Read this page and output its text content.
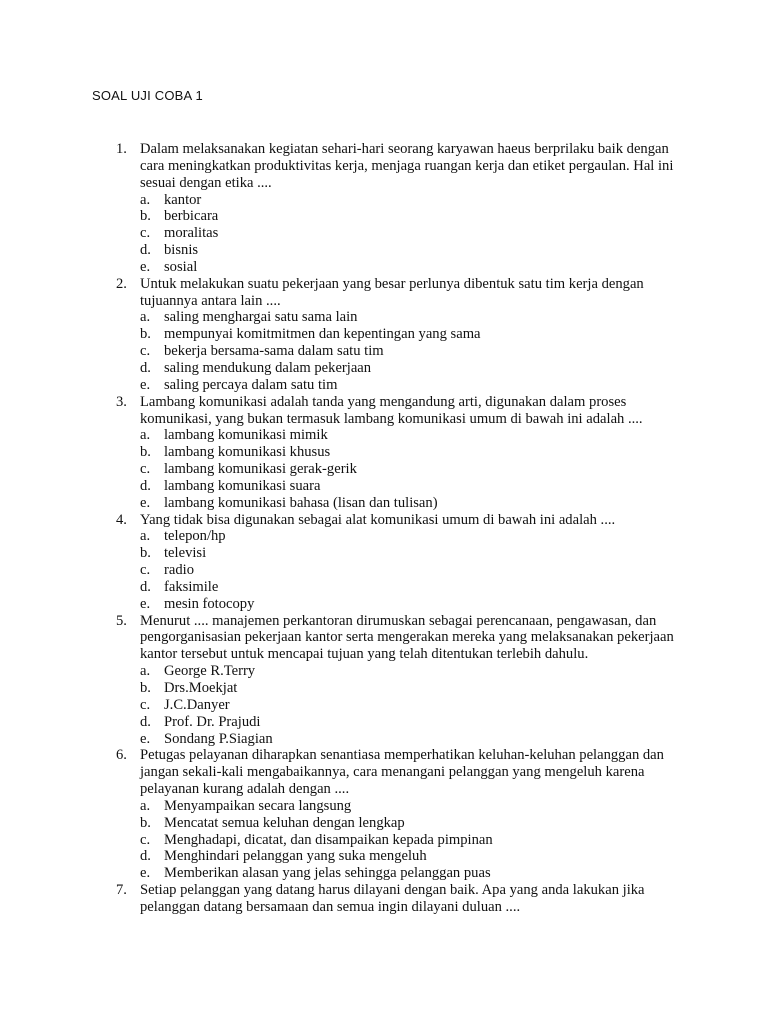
SOAL UJI COBA 1
1. Dalam melaksanakan kegiatan sehari-hari seorang karyawan haeus berprilaku baik dengan cara meningkatkan produktivitas kerja, menjaga ruangan kerja dan etiket pergaulan. Hal ini sesuai dengan etika ....
a. kantor
b. berbicara
c. moralitas
d. bisnis
e. sosial
2. Untuk melakukan suatu pekerjaan yang besar perlunya dibentuk satu tim kerja dengan tujuannya antara lain ....
a. saling menghargai satu sama lain
b. mempunyai komitmitmen dan kepentingan yang sama
c. bekerja bersama-sama dalam satu tim
d. saling mendukung dalam pekerjaan
e. saling percaya dalam satu tim
3. Lambang komunikasi adalah tanda yang mengandung arti, digunakan dalam proses komunikasi, yang bukan termasuk lambang komunikasi umum di bawah ini adalah ....
a. lambang komunikasi mimik
b. lambang komunikasi khusus
c. lambang komunikasi gerak-gerik
d. lambang komunikasi suara
e. lambang komunikasi bahasa (lisan dan tulisan)
4. Yang tidak bisa digunakan sebagai alat komunikasi umum di bawah ini adalah ....
a. telepon/hp
b. televisi
c. radio
d. faksimile
e. mesin fotocopy
5. Menurut .... manajemen perkantoran dirumuskan sebagai perencanaan, pengawasan, dan pengorganisasian pekerjaan kantor serta mengerakan mereka yang melaksanakan pekerjaan kantor tersebut untuk mencapai tujuan yang telah ditentukan terlebih dahulu.
a. George R.Terry
b. Drs.Moekjat
c. J.C.Danyer
d. Prof. Dr. Prajudi
e. Sondang P.Siagian
6. Petugas pelayanan diharapkan senantiasa memperhatikan keluhan-keluhan pelanggan dan jangan sekali-kali mengabaikannya, cara menangani pelanggan yang mengeluh karena pelayanan kurang adalah dengan ....
a. Menyampaikan secara langsung
b. Mencatat semua keluhan dengan lengkap
c. Menghadapi, dicatat, dan disampaikan kepada pimpinan
d. Menghindari pelanggan yang suka mengeluh
e. Memberikan alasan yang jelas sehingga pelanggan puas
7. Setiap pelanggan yang datang harus dilayani dengan baik. Apa yang anda lakukan jika pelanggan datang bersamaan dan semua ingin dilayani duluan ....
